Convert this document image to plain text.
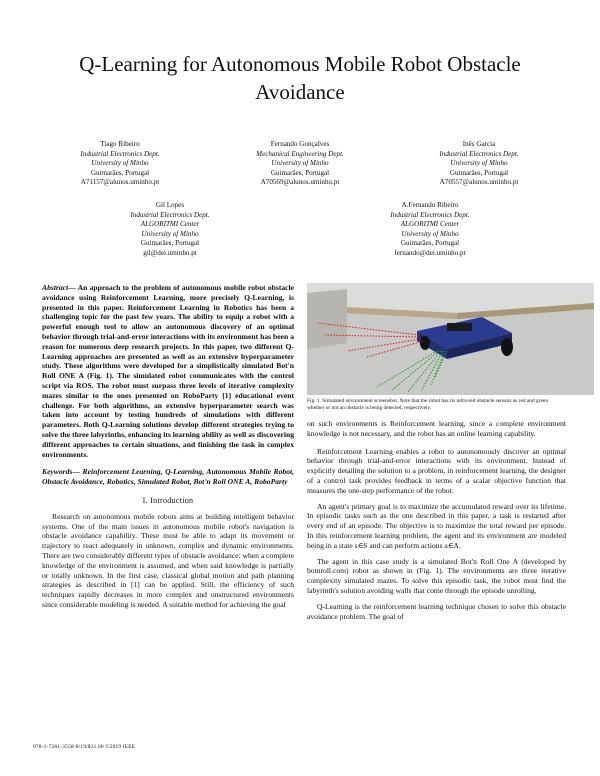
Q-Learning for Autonomous Mobile Robot Obstacle Avoidance
Tiago Ribeiro
Industrial Electronics Dept.
University of Minho
Guimarães, Portugal
A71157@alunos.uminho.pt
Fernando Gonçalves
Mechanical Engineering Dept.
University of Minho
Guimarães, Portugal
A70569@alunos.uminho.pt
Inês Garcia
Industrial Electronics Dept.
University of Minho
Guimarães, Portugal
A70557@alunos.uminho.pt
Gil Lopes
Industrial Electronics Dept.
ALGORITMI Center
University of Minho
Guimarães, Portugal
gil@dei.uminho.pt
A.Fernando Ribeiro
Industrial Electronics Dept.
ALGORITMI Center
University of Minho
Guimarães, Portugal
fernando@dei.uminho.pt
Abstract— An approach to the problem of autonomous mobile robot obstacle avoidance using Reinforcement Learning, more precisely Q-Learning, is presented in this paper. Reinforcement Learning in Robotics has been a challenging topic for the past few years. The ability to equip a robot with a powerful enough tool to allow an autonomous discovery of an optimal behavior through trial-and-error interactions with its environment has been a reason for numerous deep research projects. In this paper, two different Q-Learning approaches are presented as well as an extensive hyperparameter study. These algorithms were developed for a simplistically simulated Bot'n Roll ONE A (Fig. 1). The simulated robot communicates with the control script via ROS. The robot must surpass three levels of iterative complexity mazes similar to the ones presented on RoboParty [1] educational event challenge. For both algorithms, an extensive hyperparameter search was taken into account by testing hundreds of simulations with different parameters. Both Q-Learning solutions develop different strategies trying to solve the three labyrinths, enhancing its learning ability as well as discovering different approaches to certain situations, and finishing the task in complex environments.
Keywords— Reinforcement Learning, Q-Learning, Autonomous Mobile Robot, Obstacle Avoidance, Robotics, Simulated Robot, Bot'n Roll ONE A, RoboParty
I. Introduction
Research on autonomous mobile robots aims at building intelligent behavior systems. One of the main issues in autonomous mobile robot's navigation is obstacle avoidance capability. These must be able to adapt its movement or trajectory to react adequately in unknown, complex and dynamic environments. There are two considerably different types of obstacle avoidance: when a complete knowledge of the environment is assumed, and when said knowledge is partially or totally unknown. In the first case, classical global motion and path planning strategies as described in [1] can be applied. Still, the efficiency of such techniques rapidly decreases in more complex and unstructured environments since considerable modeling is needed. A suitable method for achieving the goal
Fig. 1. Simulated environment screenshot. Note that the robot has its infra-red obstacle sensors as red and green whether or not an obstacle is being detected, respectively.
on such environments is Reinforcement learning, since a complete environment knowledge is not necessary, and the robot has an online learning capability.
Reinforcement Learning enables a robot to autonomously discover an optimal behavior through trial-and-error interactions with its environment. Instead of explicitly detailing the solution to a problem, in reinforcement learning, the designer of a control task provides feedback in terms of a scalar objective function that measures the one-step performance of the robot.
An agent's primary goal is to maximize the accumulated reward over its lifetime. In episodic tasks such as the one described in this paper, a task is restarted after every end of an episode. The objective is to maximize the total reward per episode. In this reinforcement learning problem, the agent and its environment are modeled being in a state s∈S and can perform actions a∈A.
The agent in this case study is a simulated Bot'n Roll One A (developed by botnroll.com) robot as shown in (Fig. 1). The environments are three iterative complexity simulated mazes. To solve this episodic task, the robot must find the labyrinth's solution avoiding walls that come through the episode unrolling.
Q-Learning is the reinforcement learning technique chosen to solve this obstacle avoidance problem. The goal of
978-1-7281-3558-8/19/$31.00 ©2019 IEEE
